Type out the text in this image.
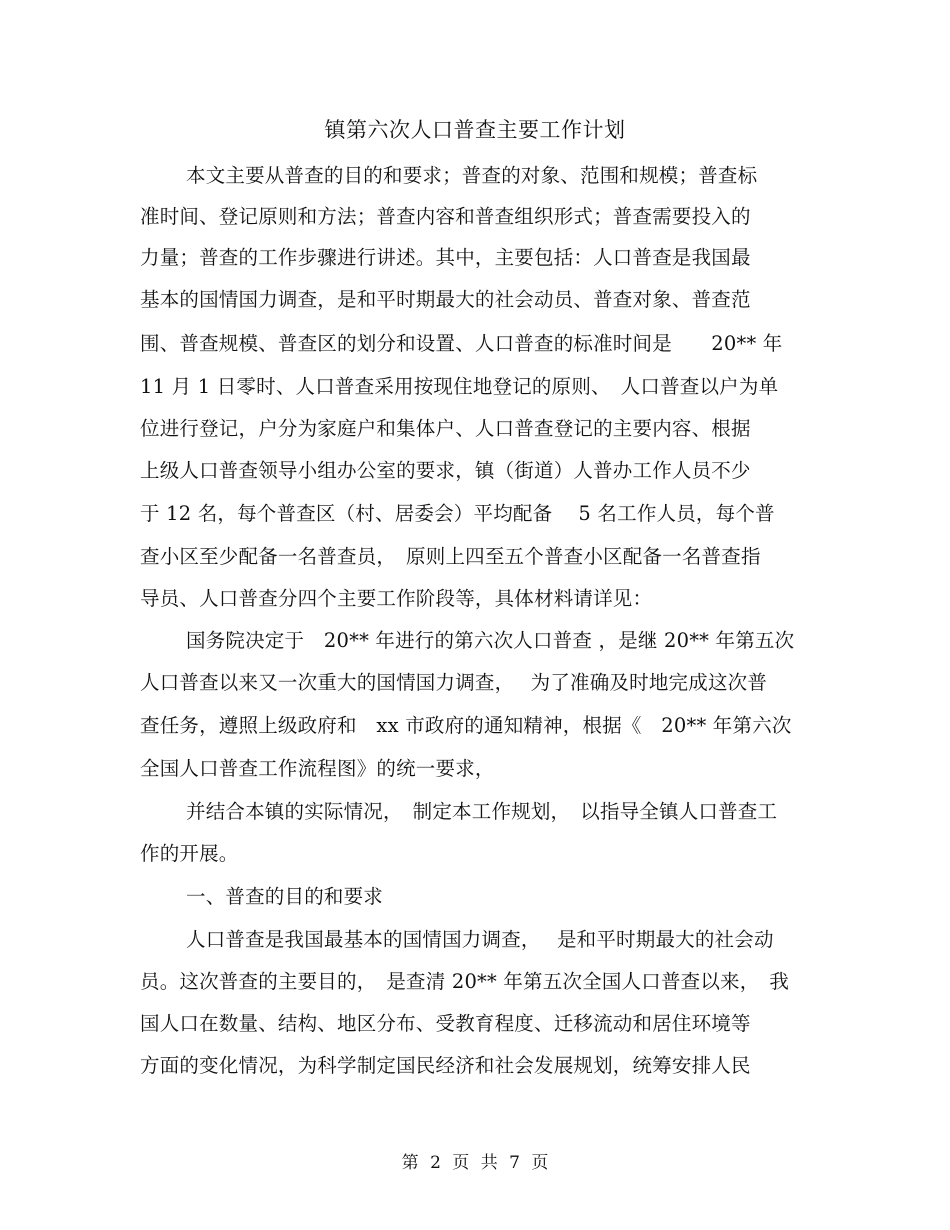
镇第六次人口普查主要工作计划
本文主要从普查的目的和要求；普查的对象、范围和规模；普查标
准时间、登记原则和方法；普查内容和普查组织形式；普查需要投入的
力量；普查的工作步骤进行讲述。其中，主要包括：人口普查是我国最
基本的国情国力调查，是和平时期最大的社会动员、普查对象、普查范
围、普查规模、普查区的划分和设置、人口普查的标准时间是　　20** 年
11 月 1 日零时、人口普查采用按现住地登记的原则、　人口普查以户为单
位进行登记，户分为家庭户和集体户、人口普查登记的主要内容、根据
上级人口普查领导小组办公室的要求，镇（街道）人普办工作人员不少
于 12 名，每个普查区（村、居委会）平均配备　 5 名工作人员，每个普
查小区至少配备一名普查员，　原则上四至五个普查小区配备一名普查指
导员、人口普查分四个主要工作阶段等，具体材料请详见：
国务院决定于　20** 年进行的第六次人口普查 ，是继 20** 年第五次
人口普查以来又一次重大的国情国力调查，　 为了准确及时地完成这次普
查任务，遵照上级政府和　xx 市政府的通知精神，根据《　20** 年第六次
全国人口普查工作流程图》的统一要求，
并结合本镇的实际情况，　制定本工作规划，　以指导全镇人口普查工
作的开展。
一、普查的目的和要求
人口普查是我国最基本的国情国力调查，　 是和平时期最大的社会动
员。这次普查的主要目的，　是查清 20** 年第五次全国人口普查以来，　我
国人口在数量、结构、地区分布、受教育程度、迁移流动和居住环境等
方面的变化情况，为科学制定国民经济和社会发展规划，统筹安排人民
第 2 页 共 7 页
